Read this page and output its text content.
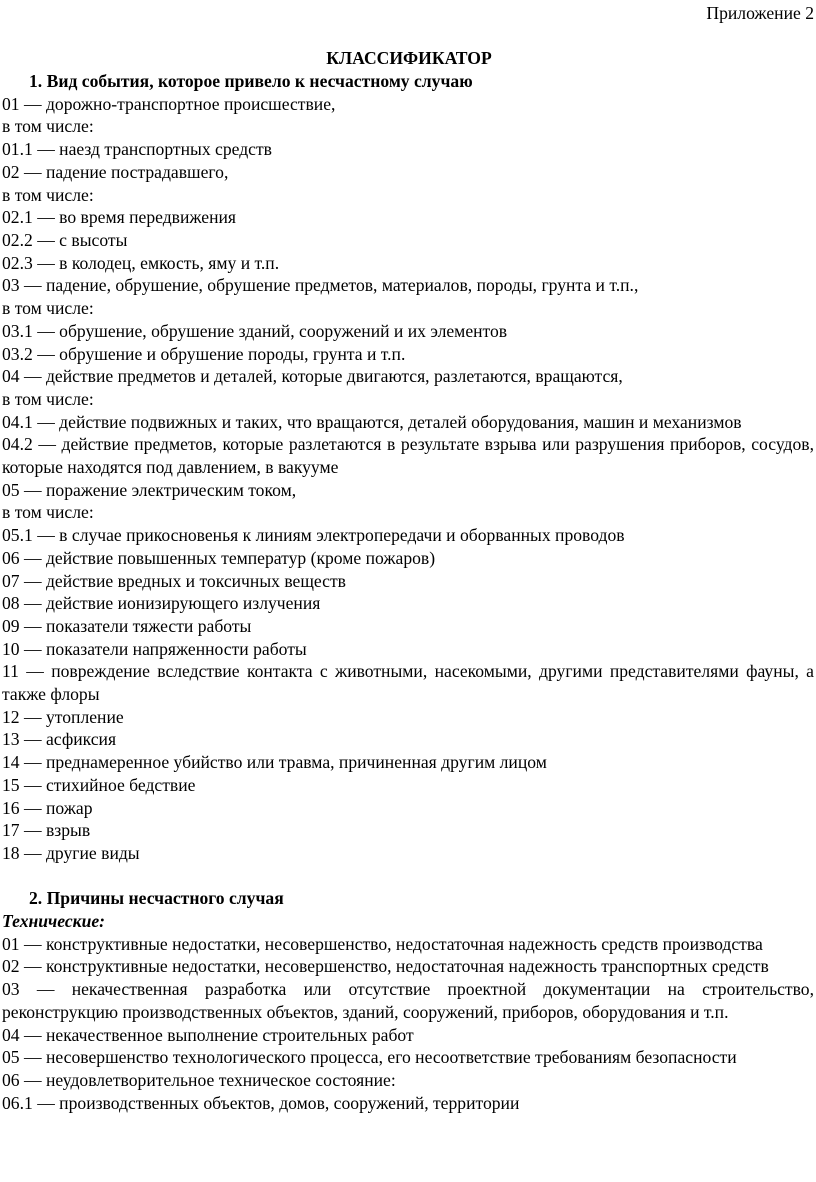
Приложение 2
КЛАССИФИКАТОР
1. Вид события, которое привело к несчастному случаю
01 — дорожно-транспортное происшествие,
в том числе:
01.1 — наезд транспортных средств
02 — падение пострадавшего,
в том числе:
02.1 — во время передвижения
02.2 — с высоты
02.3 — в колодец, емкость, яму и т.п.
03 — падение, обрушение, обрушение предметов, материалов, породы, грунта и т.п.,
в том числе:
03.1 — обрушение, обрушение зданий, сооружений и их элементов
03.2 — обрушение и обрушение породы, грунта и т.п.
04 — действие предметов и деталей, которые двигаются, разлетаются, вращаются,
в том числе:
04.1 — действие подвижных и таких, что вращаются, деталей оборудования, машин и механизмов
04.2 — действие предметов, которые разлетаются в результате взрыва или разрушения приборов, сосудов, которые находятся под давлением, в вакууме
05 — поражение электрическим током,
в том числе:
05.1 — в случае прикосновенья к линиям электропередачи и оборванных проводов
06 — действие повышенных температур (кроме пожаров)
07 — действие вредных и токсичных веществ
08 — действие ионизирующего излучения
09 — показатели тяжести работы
10 — показатели напряженности работы
11 — повреждение вследствие контакта с животными, насекомыми, другими представителями фауны, а также флоры
12 — утопление
13 — асфиксия
14 — преднамеренное убийство или травма, причиненная другим лицом
15 — стихийное бедствие
16 — пожар
17 — взрыв
18 — другие виды
2. Причины несчастного случая
Технические:
01 — конструктивные недостатки, несовершенство, недостаточная надежность средств производства
02 — конструктивные недостатки, несовершенство, недостаточная надежность транспортных средств
03 — некачественная разработка или отсутствие проектной документации на строительство, реконструкцию производственных объектов, зданий, сооружений, приборов, оборудования и т.п.
04 — некачественное выполнение строительных работ
05 — несовершенство технологического процесса, его несоответствие требованиям безопасности
06 — неудовлетворительное техническое состояние:
06.1 — производственных объектов, домов, сооружений, территории
